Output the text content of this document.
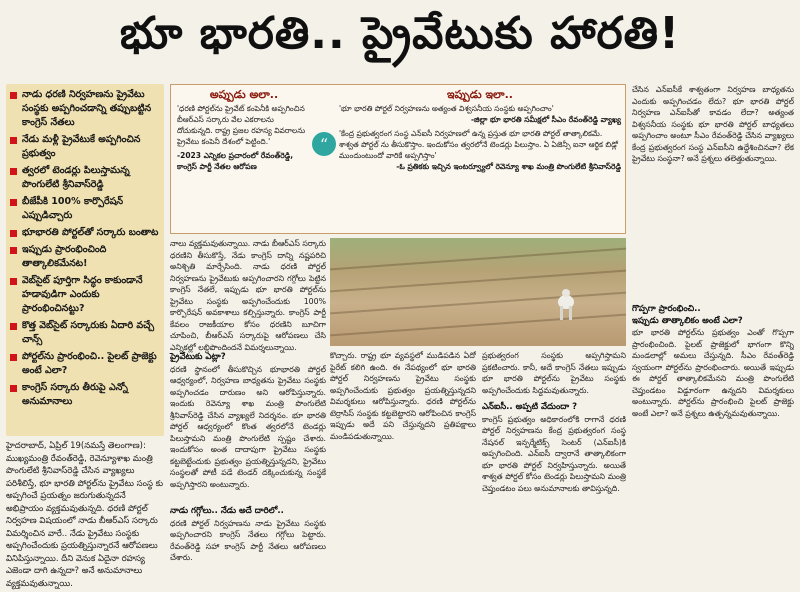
భూ భారతి.. ప్రైవేటుకు హారతి!
నాడు ధరణి నిర్వహణను ప్రైవేటు సంస్థకు అప్పగించడాన్ని తప్పుబట్టిన కాంగ్రెస్ నేతలు
నేడు మళ్లీ ప్రైవేటుకే అప్పగించిన ప్రభుత్వం
త్వరలో టెండర్లు పిలుస్తామన్న పొంగులేటి శ్రీనివాస్‌రెడ్డి
బీజేపీకి 100% కార్పొరేషన్ ఎప్పుడిచ్చారు
భూభారతి పోర్టల్‌తో సర్కారు బంతాట
ఇప్పుడు ప్రారంభించింది తాత్కాలికమేనట!
వెబ్‌సైట్ పూర్తిగా సిద్ధం కాకుండానే హడావుడిగా ఎందుకు ప్రారంభించినట్టు?
కొత్త వెబ్‌సైట్ సర్కారుకు ఏదారి వచ్చే చాన్స్
పోర్టల్‌ను ప్రారంభించి.. పైలట్ ప్రాజెక్టు అంటే ఎలా?
కాంగ్రెస్ సర్కారు తీరుపై ఎన్నో అనుమానాలు
హైదరాబాద్, ఏప్రిల్ 19(నమస్తే తెలంగాణ): ముఖ్యమంత్రి రేవంత్‌రెడ్డి, రెవెన్యూశాఖ మంత్రి పొంగులేటి శ్రీనివాస్‌రెడ్డి చేసిన వ్యాఖ్యలు పరిశీలిస్తే, భూ భారతి పోర్టల్‌ను ప్రైవేటు సంస్థ కు అప్పగించే ప్రయత్నం జరుగుతున్నదనే అభిప్రాయం వ్యక్తమవుతున్నది. ధరణి పోర్టల్ నిర్వహణ విషయంలో నాడు బీఆర్ఎస్ సర్కారు విమర్శించిన వారే.. నేడు ప్రైవేటు సంస్థకు అప్పగించేందుకు ప్రయత్నిస్తున్నారనే ఆరోపణలు వినిపిస్తున్నాయి. దీని వెనుక ఏదైనా రహస్య ఎజెండా దాగి ఉన్నదా? అనే అనుమానాలు వ్యక్తమవుతున్నాయి.
అప్పుడు అలా..
'ధరణి పోర్టల్‌ను ప్రైవేట్ కంపెనీకి అప్పగించిన బీఆర్ఎస్ సర్కారు వేల ఎకరాలను దోచుకున్నది. రాష్ట్ర ప్రజల రహస్య వివరాలను ప్రైవేటు కంపెనీ దేశంలో పెట్టింది.'
-2023 ఎన్నికల ప్రచారంలో రేవంత్‌రెడ్డి, కాంగ్రెస్ పార్టీ నేతల ఆరోపణ
“
ఇప్పుడు ఇలా..
'భూ భారతి పోర్టల్ నిర్వహణను అత్యంత విశ్వసనీయ సంస్థకు అప్పగించాం'
-జిల్లా భూ భారతి సమీక్షలో సీఎం రేవంత్‌రెడ్డి వ్యాఖ్య
'కేంద్ర ప్రభుత్వరంగ సంస్థ ఎన్ఐసీ నిర్వహణలో ఉన్న ప్రస్తుత భూ భారతి పోర్టల్ తాత్కాలికమే. శాశ్వత పోర్టల్ ను తీసుకొస్తాం. ఇందుకోసం త్వరలోనే టెండర్లు పిలుస్తాం. ఏ ఏజెన్సీ ఐనా ఆర్థిక బిడ్లో ముందుంటుందో వారికే అప్పగిస్తాం'
-ఓ ప్రతికకు ఇచ్చిన ఇంటర్వ్యూలో రెవెన్యూ శాఖ మంత్రి పొంగులేటి శ్రీనివాస్‌రెడ్డి
నాలు వ్యక్తమవుతున్నాయి. నాడు బీఆర్ఎస్ సర్కారు ధరణిని తీసుకొస్తే, నేడు కాంగ్రెస్ దాన్ని నష్టపరిచి అనిశ్చితి మార్చేసింది. నాడు ధరణి పోర్టల్ నిర్వహణను ప్రైవేటుకు అప్పగించారని గగ్గోలు పెట్టిన కాంగ్రెస్ నేతలే, ఇప్పుడు భూ భారతి పోర్టల్‌ను ప్రైవేటు సంస్థకు అప్పగించేందుకు 100% కార్పొరేషన్ అవకాశాలు కల్పిస్తున్నారు. కాంగ్రెస్ పార్టీ కేవలం రాజకీయాల కోసం ధరణిని బూచిగా చూపించి, బీఆర్ఎస్ సర్కారుపై ఆరోపణలు చేసి ఎన్నికల్లో లబ్ధిపొందిందనే విమర్శలున్నాయి.
ప్రైవేటుకు ఎట్లా?
ధరణి స్థానంలో తీసుకొచ్చిన భూభారతి పోర్టల్ ఆధ్వర్యంలో, నిర్వహణ బాధ్యతను ప్రైవేటు సంస్థకు అప్పగించడం దారుణం అని ఆరోపిస్తున్నారు. ఇందుకు రెవెన్యూ శాఖ మంత్రి పొంగులేటి శ్రీనివాస్‌రెడ్డి చేసిన వ్యాఖ్యలే నిదర్శనం. భూ భారతి పోర్టల్ ఆధ్వర్యంలో కొంత త్వరలోనే టెండర్లు పిలుస్తామని మంత్రి పొంగులేటి స్పష్టం చేశారు. ఇందుకోసం అంత దాదాపుగా ప్రైవేటు సంస్థకు కట్టబెట్టేందుకు ప్రభుత్వం ప్రయత్నిస్తున్నదని, ప్రైవేటు సంస్థలతో పోటీ పడే టెండర్ దక్కించుకున్న సంస్థకే అప్పగిస్తారని అంటున్నారు.
నాడు గగ్గోలు.. నేడు అదే దారిలో..
ధరణి పోర్టల్ నిర్వహణను నాడు ప్రైవేటు సంస్థకు అప్పగించారని కాంగ్రెస్ నేతలు గగ్గోలు పెట్టారు. రేవంత్‌రెడ్డి సహా కాంగ్రెస్ పార్టీ నేతలు ఆరోపణలు చేశారు.
కొచ్చారు. రాష్ట్ర భూ వ్యవస్థలో ముడిపడిన ఏదో పైరేట్ కలిగి ఉంది. ఈ నేపథ్యంలో భూ భారతి పోర్టల్ నిర్వహణను ప్రైవేటు సంస్థకు అప్పగించేందుకు ప్రభుత్వం ప్రయత్నిస్తున్నదని విమర్శకులు ఆరోపిస్తున్నారు. ధరణి పోర్టల్‌ను టెర్రాసిస్ సంస్థకు కట్టబెట్టారని ఆరోపించిన కాంగ్రెస్ ఇప్పుడు అదే పని చేస్తున్నదని ప్రతిపక్షాలు మండిపడుతున్నాయి.
ప్రభుత్వరంగ సంస్థకు అప్పగిస్తామని ప్రకటించారు. కానీ, అదే కాంగ్రెస్ నేతలు ఇప్పుడు భూ భారతి పోర్టల్‌ను ప్రైవేటు సంస్థకు అప్పగించేందుకు సిద్ధమవుతున్నారు.
ఎన్ఐసీ.. అప్పటి వేదుందా ?
కాంగ్రెస్ ప్రభుత్వం అధికారంలోకి రాగానే ధరణి పోర్టల్ నిర్వహణను కేంద్ర ప్రభుత్వరంగ సంస్థ నేషనల్ ఇన్ఫర్మేటిక్స్ సెంటర్ (ఎన్ఐసీ)కి అప్పగించింది. ఎన్ఐసీ ద్వారానే తాత్కాలికంగా భూ భారతి పోర్టల్ నిర్వహిస్తున్నారు. అయితే శాశ్వత పోర్టల్ కోసం టెండర్లు పిలుస్తామని మంత్రి చెప్తుండటం పలు అనుమానాలకు తావిస్తున్నది.
చేసిన ఎన్ఐసీకే శాశ్వతంగా నిర్వహణ బాధ్యతను ఎందుకు అప్పగించడం లేదు? భూ భారతి పోర్టల్ నిర్వహణ ఎన్ఐసీతో కావడం లేదా? అత్యంత విశ్వసనీయ సంస్థకు భూ భారతి పోర్టల్ బాధ్యతలు అప్పగించాం అంటూ సీఎం రేవంత్‌రెడ్డి చేసిన వ్యాఖ్యలు కేంద్ర ప్రభుత్వరంగ సంస్థ ఎన్ఐసీని ఉద్దేశించినవా? లేక ప్రైవేటు సంస్థనా? అనే ప్రశ్నలు తలెత్తుతున్నాయి.
గొప్పగా ప్రారంభించి..
ఇప్పుడు తాత్కాలికం అంటే ఎలా?
భూ భారతి పోర్టల్‌ను ప్రభుత్వం ఎంతో గొప్పగా ప్రారంభించింది. పైలట్ ప్రాజెక్టులో భాగంగా కొన్ని మండలాల్లో అమలు చేస్తున్నది. సీఎం రేవంత్‌రెడ్డి స్వయంగా పోర్టల్‌ను ప్రారంభించారు. అయితే ఇప్పుడు ఈ పోర్టల్ తాత్కాలికమేనని మంత్రి పొంగులేటి చెప్తుండటం విడ్డూరంగా ఉన్నదని విమర్శకులు అంటున్నారు. పోర్టల్‌ను ప్రారంభించి పైలట్ ప్రాజెక్టు అంటే ఎలా? అనే ప్రశ్నలు ఉత్పన్నమవుతున్నాయి.
